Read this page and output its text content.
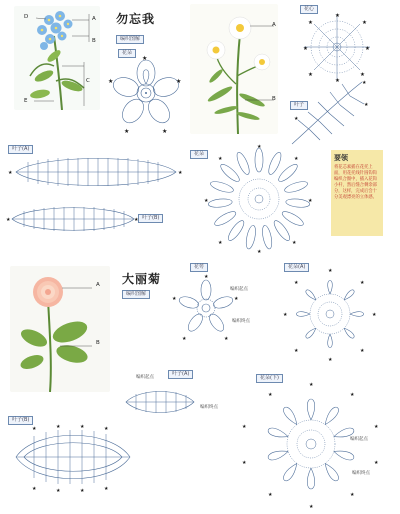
D	A
B
C
E
勿忘我
编织图解
花朵
★
★
★
★
★
A
B
花心
★
★
★
★
★
★
★
★
叶子
★
★
★
花朵
★
★
★
★
★
★
★
★	要领
将花芯素插在花托上面，用花托线针圆钩钩编织合圈中，插入花钩小杆，然后缝合剩余部分，这样，完成后会十分美观漂亮的立体感。
叶子(A)
★	★
叶子(B)
★	★
A
B
大丽菊
编织图解
花萼
★
★
★
★
★
编织起点
编织终点
花朵(A)
★
★
★
★
★
★
★
★
叶子(A)
编织起点
编织终点
叶子(B)
★	★	★	★
★	★	★	★
花朵(下)
★
★
★
★
★
★
★
★
★
★
编织起点
编织终点
